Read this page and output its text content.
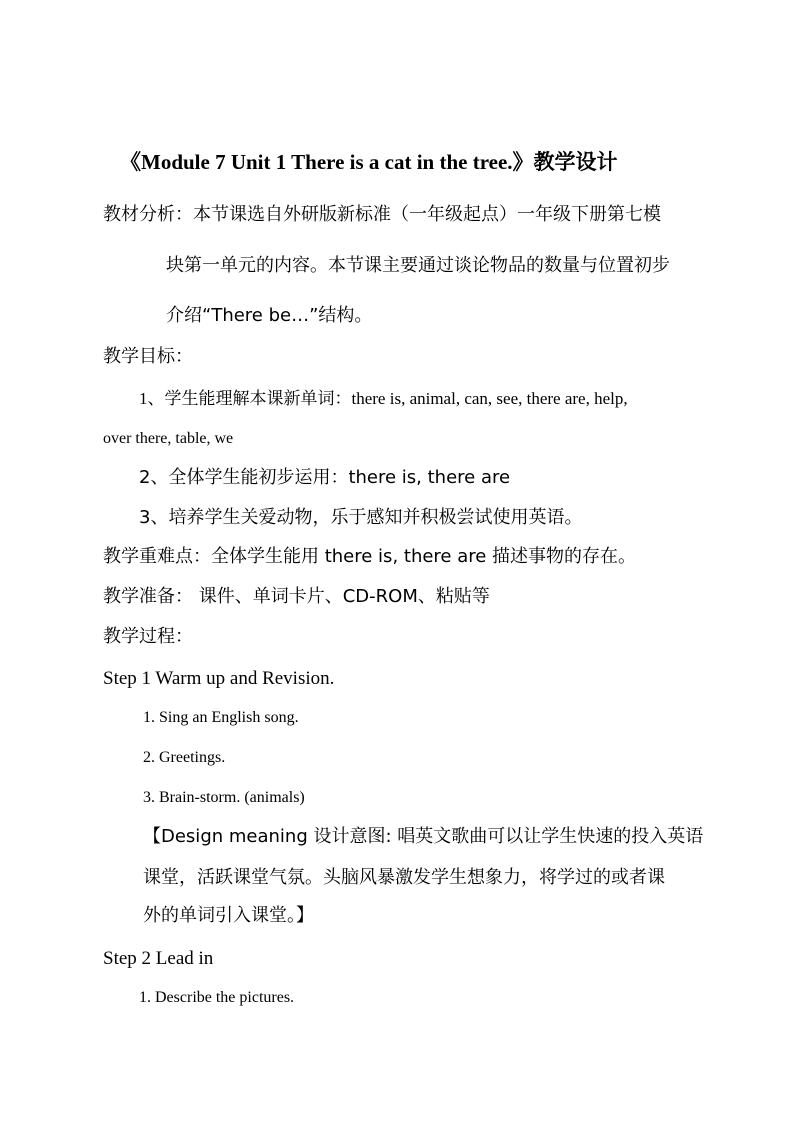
《Module 7 Unit 1 There is a cat in the tree.》教学设计
教材分析：本节课选自外研版新标准（一年级起点）一年级下册第七模
块第一单元的内容。本节课主要通过谈论物品的数量与位置初步
介绍“There be…”结构。
教学目标：
1、学生能理解本课新单词：there is, animal, can, see, there are, help,
over there, table, we
2、全体学生能初步运用：there is, there are
3、培养学生关爱动物，乐于感知并积极尝试使用英语。
教学重难点：全体学生能用 there is, there are 描述事物的存在。
教学准备： 课件、单词卡片、CD-ROM、粘贴等
教学过程：
Step 1 Warm up and Revision.
1. Sing an English song.
2. Greetings.
3. Brain-storm. (animals)
【Design meaning 设计意图: 唱英文歌曲可以让学生快速的投入英语
课堂，活跃课堂气氛。头脑风暴激发学生想象力，将学过的或者课
外的单词引入课堂。】
Step 2 Lead in
1. Describe the pictures.
